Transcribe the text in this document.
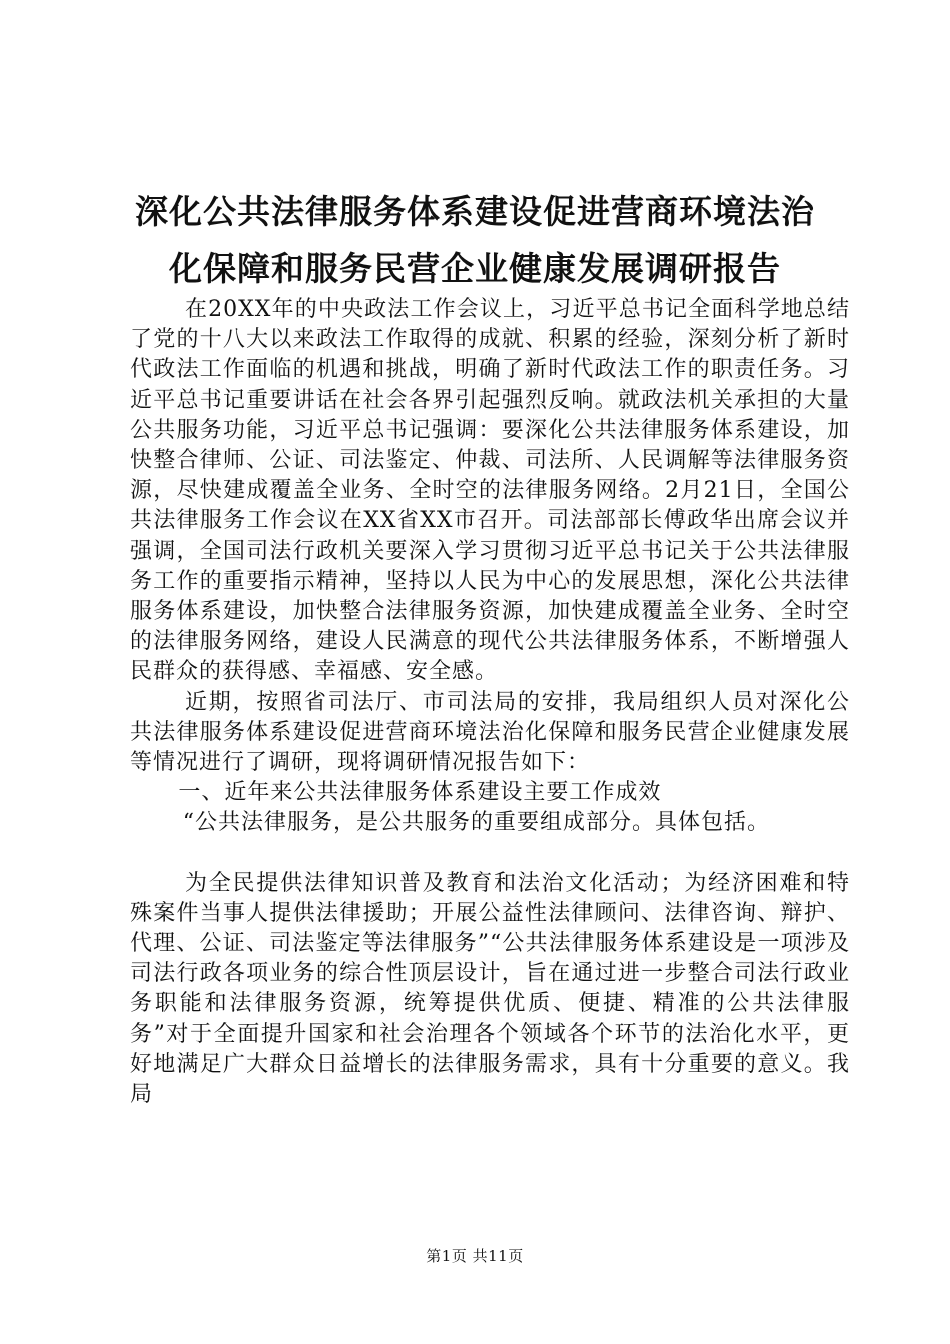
深化公共法律服务体系建设促进营商环境法治
化保障和服务民营企业健康发展调研报告

在20XX年的中央政法工作会议上，习近平总书记全面科学地总结了党的十八大以来政法工作取得的成就、积累的经验，深刻分析了新时代政法工作面临的机遇和挑战，明确了新时代政法工作的职责任务。习近平总书记重要讲话在社会各界引起强烈反响。就政法机关承担的大量公共服务功能，习近平总书记强调：要深化公共法律服务体系建设，加快整合律师、公证、司法鉴定、仲裁、司法所、人民调解等法律服务资源，尽快建成覆盖全业务、全时空的法律服务网络。2月21日，全国公共法律服务工作会议在XX省XX市召开。司法部部长傅政华出席会议并强调，全国司法行政机关要深入学习贯彻习近平总书记关于公共法律服务工作的重要指示精神，坚持以人民为中心的发展思想，深化公共法律服务体系建设，加快整合法律服务资源，加快建成覆盖全业务、全时空的法律服务网络，建设人民满意的现代公共法律服务体系，不断增强人民群众的获得感、幸福感、安全感。

近期，按照省司法厅、市司法局的安排，我局组织人员对深化公共法律服务体系建设促进营商环境法治化保障和服务民营企业健康发展等情况进行了调研，现将调研情况报告如下：

一、近年来公共法律服务体系建设主要工作成效

“公共法律服务，是公共服务的重要组成部分。具体包括。

为全民提供法律知识普及教育和法治文化活动；为经济困难和特殊案件当事人提供法律援助；开展公益性法律顾问、法律咨询、辩护、代理、公证、司法鉴定等法律服务”“公共法律服务体系建设是一项涉及司法行政各项业务的综合性顶层设计，旨在通过进一步整合司法行政业务职能和法律服务资源，统筹提供优质、便捷、精准的公共法律服务”对于全面提升国家和社会治理各个领域各个环节的法治化水平，更好地满足广大群众日益增长的法律服务需求，具有十分重要的意义。我局

第1页 共11页
